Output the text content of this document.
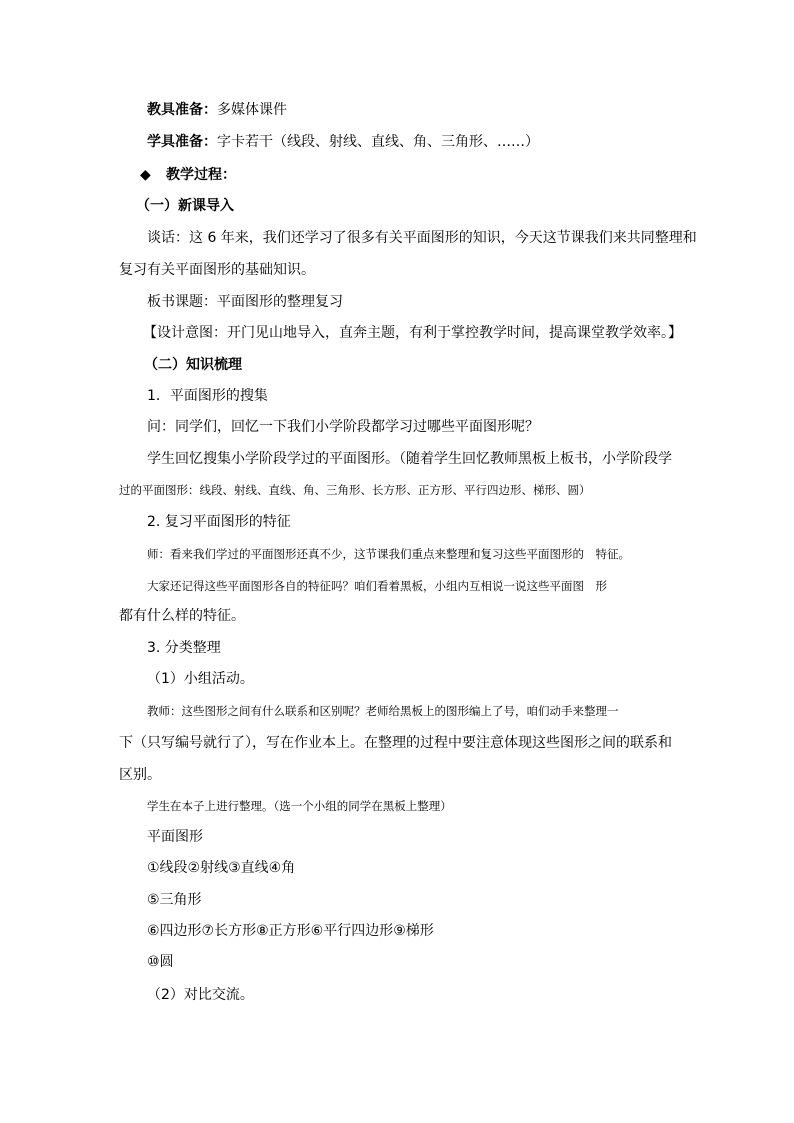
教具准备：多媒体课件
学具准备：字卡若干（线段、射线、直线、角、三角形、……）
◆ 教学过程：
（一）新课导入
谈话：这 6 年来，我们还学习了很多有关平面图形的知识，今天这节课我们来共同整理和
复习有关平面图形的基础知识。
板书课题：平面图形的整理复习
【设计意图：开门见山地导入，直奔主题，有利于掌控教学时间，提高课堂教学效率。】
（二）知识梳理
1．平面图形的搜集
问：同学们，回忆一下我们小学阶段都学习过哪些平面图形呢？
学生回忆搜集小学阶段学过的平面图形。（随着学生回忆教师黑板上板书，小学阶段学
过的平面图形：线段、射线、直线、角、三角形、长方形、正方形、平行四边形、梯形、圆）
2. 复习平面图形的特征
师：看来我们学过的平面图形还真不少，这节课我们重点来整理和复习这些平面图形的　特征。
大家还记得这些平面图形各自的特征吗？咱们看着黑板，小组内互相说一说这些平面图　形
都有什么样的特征。
3. 分类整理
（1）小组活动。
教师：这些图形之间有什么联系和区别呢？老师给黑板上的图形编上了号，咱们动手来整理一
下（只写编号就行了），写在作业本上。在整理的过程中要注意体现这些图形之间的联系和
区别。
学生在本子上进行整理。（选一个小组的同学在黑板上整理）
平面图形
①线段②射线③直线④角
⑤三角形
⑥四边形⑦长方形⑧正方形⑥平行四边形⑨梯形
⑩圆
（2）对比交流。
